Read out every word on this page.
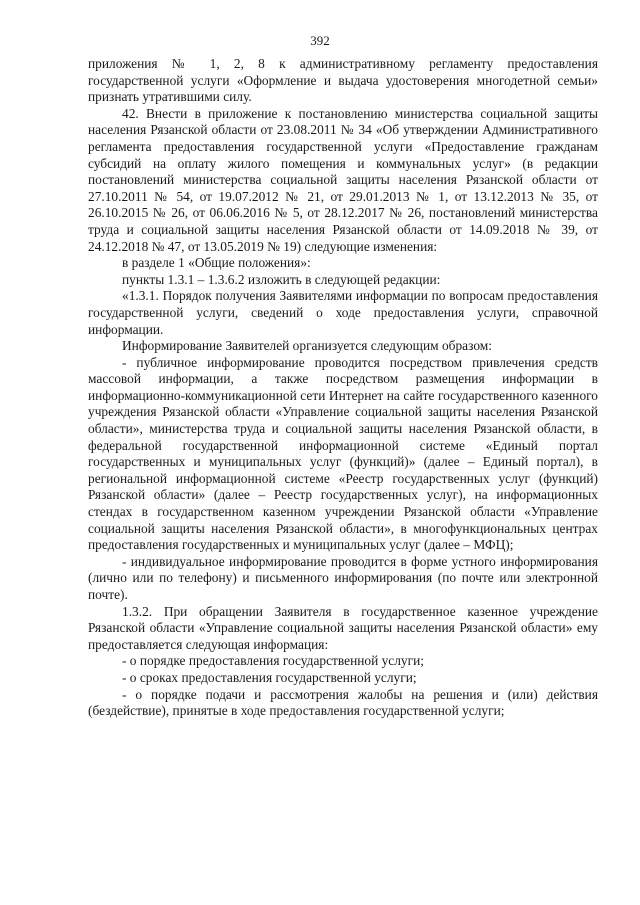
392

приложения № 1, 2, 8 к административному регламенту предоставления государственной услуги «Оформление и выдача удостоверения многодетной семьи» признать утратившими силу.

42. Внести в приложение к постановлению министерства социальной защиты населения Рязанской области от 23.08.2011 № 34 «Об утверждении Административного регламента предоставления государственной услуги «Предоставление гражданам субсидий на оплату жилого помещения и коммунальных услуг» (в редакции постановлений министерства социальной защиты населения Рязанской области от 27.10.2011 № 54, от 19.07.2012 № 21, от 29.01.2013 № 1, от 13.12.2013 № 35, от 26.10.2015 № 26, от 06.06.2016 № 5, от 28.12.2017 № 26, постановлений министерства труда и социальной защиты населения Рязанской области от 14.09.2018 № 39, от 24.12.2018 № 47, от 13.05.2019 № 19) следующие изменения:

в разделе 1 «Общие положения»:

пункты 1.3.1 – 1.3.6.2 изложить в следующей редакции:

«1.3.1. Порядок получения Заявителями информации по вопросам предоставления государственной услуги, сведений о ходе предоставления услуги, справочной информации.

Информирование Заявителей организуется следующим образом:

- публичное информирование проводится посредством привлечения средств массовой информации, а также посредством размещения информации в информационно-коммуникационной сети Интернет на сайте государственного казенного учреждения Рязанской области «Управление социальной защиты населения Рязанской области», министерства труда и социальной защиты населения Рязанской области, в федеральной государственной информационной системе «Единый портал государственных и муниципальных услуг (функций)» (далее – Единый портал), в региональной информационной системе «Реестр государственных услуг (функций) Рязанской области» (далее – Реестр государственных услуг), на информационных стендах в государственном казенном учреждении Рязанской области «Управление социальной защиты населения Рязанской области», в многофункциональных центрах предоставления государственных и муниципальных услуг (далее – МФЦ);

- индивидуальное информирование проводится в форме устного информирования (лично или по телефону) и письменного информирования (по почте или электронной почте).

1.3.2. При обращении Заявителя в государственное казенное учреждение Рязанской области «Управление социальной защиты населения Рязанской области» ему предоставляется следующая информация:

- о порядке предоставления государственной услуги;

- о сроках предоставления государственной услуги;

- о порядке подачи и рассмотрения жалобы на решения и (или) действия (бездействие), принятые в ходе предоставления государственной услуги;
